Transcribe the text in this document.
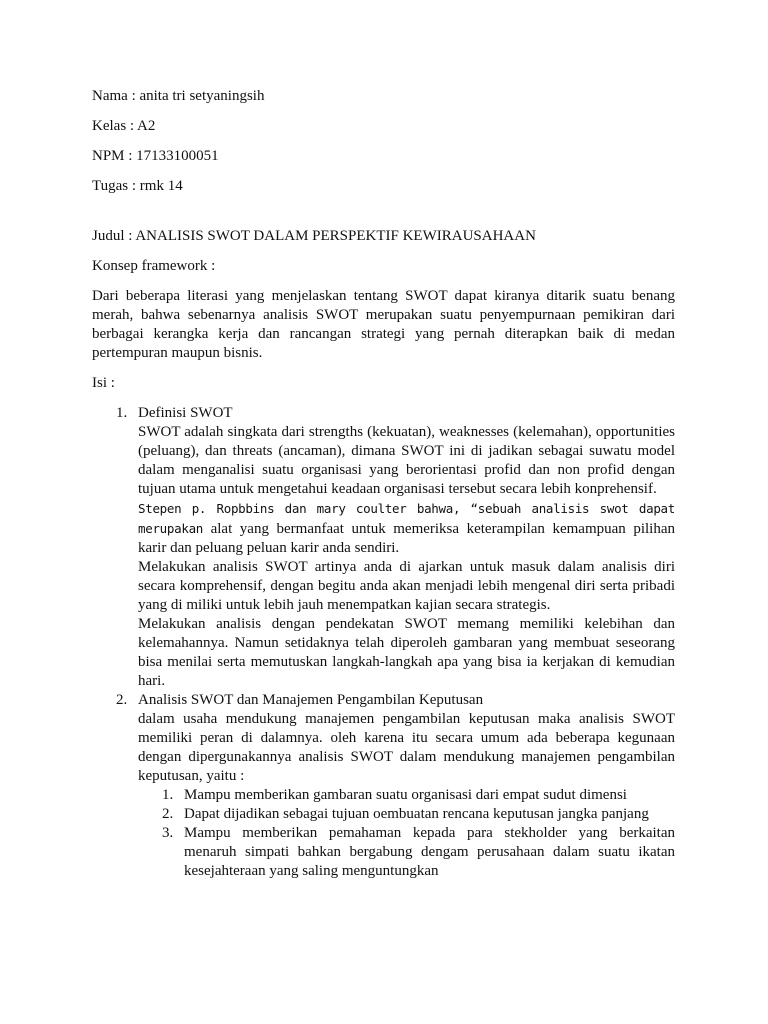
Nama : anita tri setyaningsih

Kelas : A2

NPM : 17133100051

Tugas : rmk 14

Judul : ANALISIS SWOT DALAM PERSPEKTIF KEWIRAUSAHAAN

Konsep framework :

Dari beberapa literasi yang menjelaskan tentang SWOT dapat kiranya ditarik suatu benang merah, bahwa sebenarnya analisis SWOT merupakan suatu penyempurnaan pemikiran dari berbagai kerangka kerja dan rancangan strategi yang pernah diterapkan baik di medan pertempuran maupun bisnis.

Isi :

1. Definisi SWOT

SWOT adalah singkata dari strengths (kekuatan), weaknesses (kelemahan), opportunities (peluang), dan threats (ancaman), dimana SWOT ini di jadikan sebagai suwatu model dalam menganalisi suatu organisasi yang berorientasi profid dan non profid dengan tujuan utama untuk mengetahui keadaan organisasi tersebut secara lebih konprehensif.

Stepen p. Ropbbins dan mary coulter bahwa, “sebuah analisis swot dapat merupakan alat yang bermanfaat untuk memeriksa keterampilan kemampuan pilihan karir dan peluang peluan karir anda sendiri.

Melakukan analisis SWOT artinya anda di ajarkan untuk masuk dalam analisis diri secara komprehensif, dengan begitu anda akan menjadi lebih mengenal diri serta pribadi yang di miliki untuk lebih jauh menempatkan kajian secara strategis.

Melakukan analisis dengan pendekatan SWOT memang memiliki kelebihan dan kelemahannya. Namun setidaknya telah diperoleh gambaran yang membuat seseorang bisa menilai serta memutuskan langkah-langkah apa yang bisa ia kerjakan di kemudian hari.

2. Analisis SWOT dan Manajemen Pengambilan Keputusan

dalam usaha mendukung manajemen pengambilan keputusan maka analisis SWOT memiliki peran di dalamnya. oleh karena itu secara umum ada beberapa kegunaan dengan dipergunakannya analisis SWOT dalam mendukung manajemen pengambilan keputusan, yaitu :

1. Mampu memberikan gambaran suatu organisasi dari empat sudut dimensi
2. Dapat dijadikan sebagai tujuan oembuatan rencana keputusan jangka panjang
3. Mampu memberikan pemahaman kepada para stekholder yang berkaitan menaruh simpati bahkan bergabung dengam perusahaan dalam suatu ikatan kesejahteraan yang saling menguntungkan
